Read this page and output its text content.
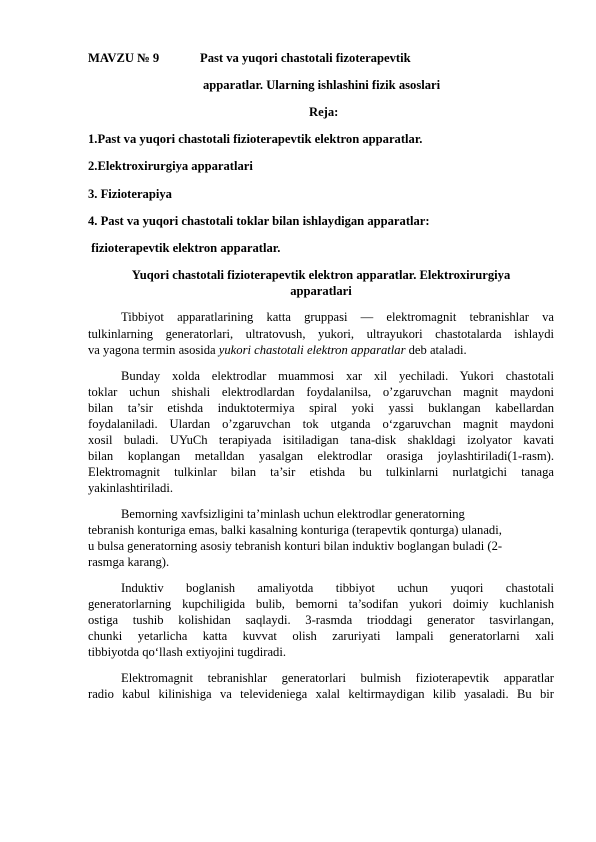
MAVZU № 9	Past va yuqori chastotali fizoterapevtik
apparatlar. Ularning ishlashini fizik asoslari
Reja:
1.Past va yuqori chastotali fizioterapevtik elektron apparatlar.
2.Elektroxirurgiya apparatlari
3. Fizioterapiya
4. Past va yuqori chastotali toklar bilan ishlaydigan apparatlar:
fizioterapevtik elektron apparatlar.
Yuqori chastotali fizioterapevtik elektron apparatlar. Elektroxirurgiya
apparatlari
Tibbiyot apparatlarining katta gruppasi — elektromagnit tebranishlar va
tulkinlarning generatorlari, ultratovush, yukori, ultrayukori chastotalarda ishlaydi
va yagona termin asosida yukori chastotali elektron apparatlar deb ataladi.
Bunday xolda elektrodlar muammosi xar xil yechiladi. Yukori chastotali
toklar uchun shishali elektrodlardan foydalanilsa, o’zgaruvchan magnit maydoni
bilan ta’sir etishda induktotermiya spiral yoki yassi buklangan kabellardan
foydalaniladi. Ulardan o’zgaruvchan tok utganda o‘zgaruvchan magnit maydoni
xosil buladi. UYuCh terapiyada isitiladigan tana-disk shakldagi izolyator kavati
bilan koplangan metalldan yasalgan elektrodlar orasiga joylashtiriladi(1-rasm).
Elektromagnit tulkinlar bilan ta’sir etishda bu tulkinlarni nurlatgichi tanaga
yakinlashtiriladi.
Bemorning xavfsizligini ta’minlash uchun elektrodlar generatorning
tebranish konturiga emas, balki kasalning konturiga (terapevtik qonturga) ulanadi,
u bulsa generatorning asosiy tebranish konturi bilan induktiv boglangan buladi (2-
rasmga karang).
Induktiv   boglanish   amaliyotda   tibbiyot   uchun   yuqori   chastotali
generatorlarning kupchiligida bulib, bemorni ta’sodifan yukori doimiy kuchlanish
ostiga tushib kolishidan saqlaydi. 3-rasmda trioddagi generator tasvirlangan,
chunki yetarlicha katta kuvvat olish zaruriyati lampali generatorlarni xali
tibbiyotda qo‘llash extiyojini tugdiradi.
Elektromagnit tebranishlar generatorlari bulmish fizioterapevtik apparatlar
radio kabul kilinishiga va televideniega xalal keltirmaydigan kilib yasaladi. Bu bir
